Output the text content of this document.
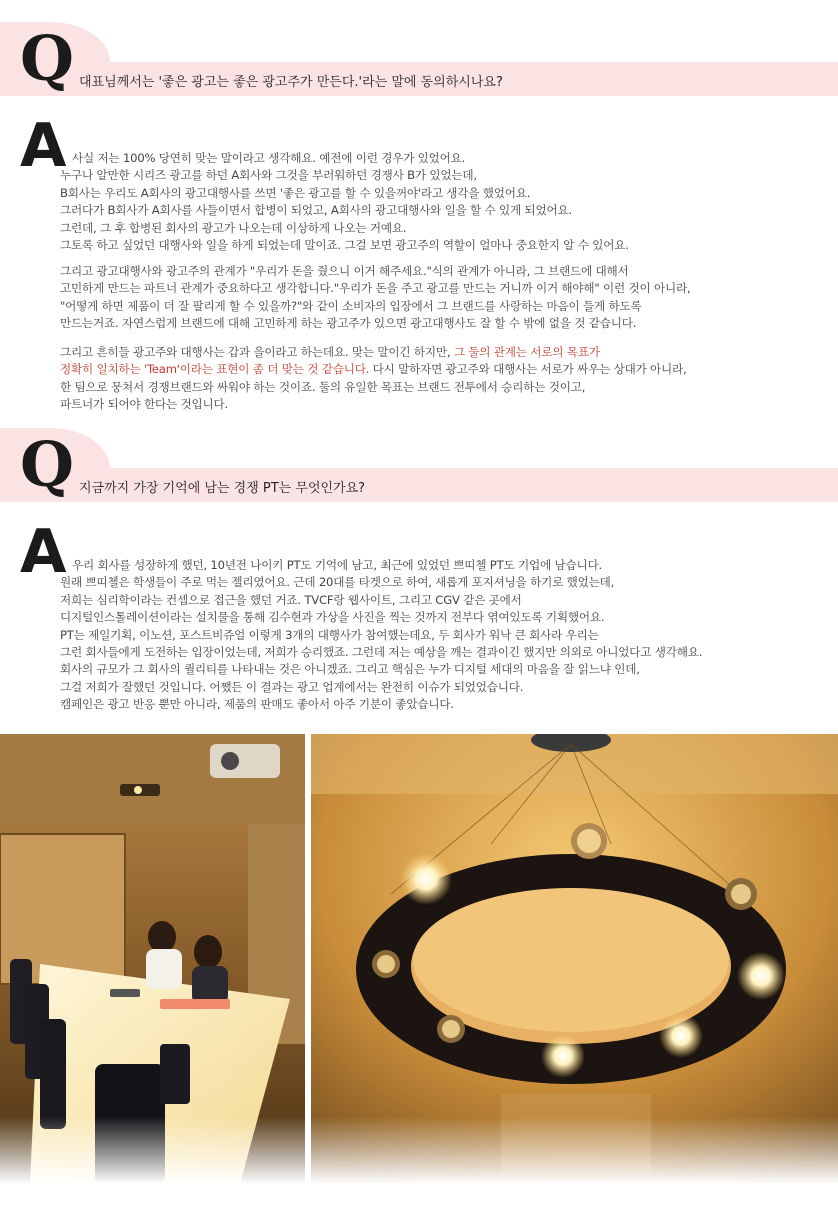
Q 대표님께서는 '좋은 광고는 좋은 광고주가 만든다.'라는 말에 동의하시나요?
A 사실 저는 100% 당연히 맞는 말이라고 생각해요. 예전에 이런 경우가 있었어요.
누구나 알만한 시리즈 광고를 하던 A회사와 그것을 부러워하던 경쟁사 B가 있었는데,
B회사는 우리도 A회사의 광고대행사를 쓰면 '좋은 광고를 할 수 있을꺼야'라고 생각을 했었어요.
그러다가 B회사가 A회사를 사들이면서 합병이 되었고, A회사의 광고대행사와 일을 할 수 있게 되었어요.
그런데, 그 후 합병된 회사의 광고가 나오는데 이상하게 나오는 거예요.
그토록 하고 싶었던 대행사와 일을 하게 되었는데 말이죠. 그걸 보면 광고주의 역할이 얼마나 중요한지 알 수 있어요.
그리고 광고대행사와 광고주의 관계가 "우리가 돈을 줬으니 이거 해주세요."식의 관계가 아니라, 그 브랜드에 대해서
고민하게 만드는 파트너 관계가 중요하다고 생각합니다."우리가 돈을 주고 광고를 만드는 거니까 이거 해야해" 이런 것이 아니라,
"어떻게 하면 제품이 더 잘 팔리게 할 수 있을까?"와 같이 소비자의 입장에서 그 브랜드를 사랑하는 마음이 들게 하도록
만드는거죠. 자연스럽게 브랜드에 대해 고민하게 하는 광고주가 있으면 광고대행사도 잘 할 수 밖에 없을 것 같습니다.
그리고 흔히들 광고주와 대행사는 갑과 을이라고 하는데요. 맞는 말이긴 하지만, 그 둘의 관계는 서로의 목표가
정확히 일치하는 'Team'이라는 표현이 좀 더 맞는 것 같습니다. 다시 말하자면 광고주와 대행사는 서로가 싸우는 상대가 아니라,
한 팀으로 뭉쳐서 경쟁브랜드와 싸워야 하는 것이죠. 둘의 유일한 목표는 브랜드 전투에서 승리하는 것이고,
파트너가 되어야 한다는 것입니다.
Q 지금까지 가장 기억에 남는 경쟁 PT는 무엇인가요?
A 우리 회사를 성장하게 했던, 10년전 나이키 PT도 기억에 남고, 최근에 있었던 쁘띠첼 PT도 기업에 남습니다.
원래 쁘띠첼은 학생들이 주로 먹는 젤리였어요. 근데 20대를 타겟으로 하여, 새롭게 포지셔닝을 하기로 했었는데,
저희는 심리학이라는 컨셉으로 접근을 했던 거죠. TVCF랑 웹사이트, 그리고 CGV 같은 곳에서
디지털인스톨레이션이라는 설치물을 통해 김수현과 가상을 사진을 찍는 것까지 전부다 엮여있도록 기획했어요.
PT는 제일기획, 이노션, 포스트비쥬얼 이렇게 3개의 대행사가 참여했는데요, 두 회사가 워낙 큰 회사라 우리는
그런 회사들에게 도전하는 입장이었는데, 저희가 승리했죠. 그런데 저는 예상을 깨는 결과이긴 했지만 의외로 아니었다고 생각해요.
회사의 규모가 그 회사의 퀄리티를 나타내는 것은 아니겠죠. 그리고 핵심은 누가 디지털 세대의 마음을 잘 읽느냐 인데,
그걸 저희가 잘했던 것입니다. 어쨌든 이 결과는 광고 업계에서는 완전히 이슈가 되었었습니다.
캠페인은 광고 반응 뿐만 아니라, 제품의 판매도 좋아서 아주 기분이 좋았습니다.
